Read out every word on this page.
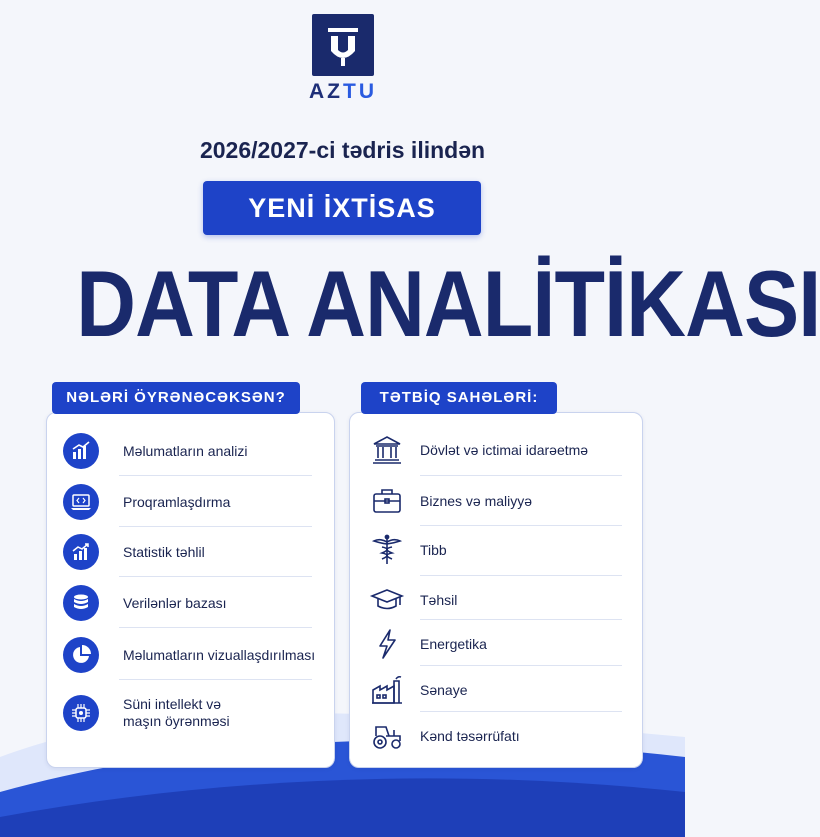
AZTU
2026/2027-ci tədris ilindən
YENİ İXTİSAS
DATA ANALİTİKASI
NƏLƏRİ ÖYRƏNƏCƏKSƏN?
Məlumatların analizi
Proqramlaşdırma
Statistik təhlil
Verilənlər bazası
Məlumatların vizuallaşdırılması
Süni intellekt və
maşın öyrənməsi
TƏTBİQ SAHƏLƏRİ:
Dövlət və ictimai idarəetmə
Biznes və maliyyə
Tibb
Təhsil
Energetika
Sənaye
Kənd təsərrüfatı
